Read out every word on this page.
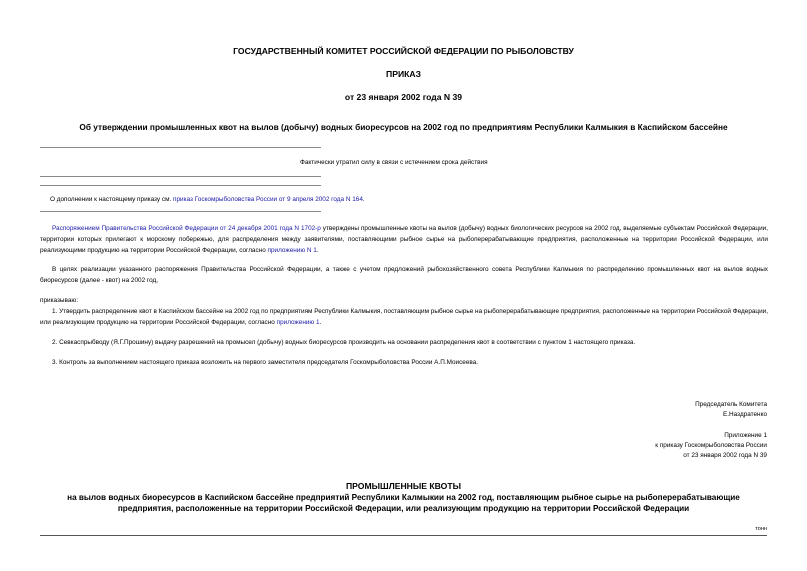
ГОСУДАРСТВЕННЫЙ КОМИТЕТ РОССИЙСКОЙ ФЕДЕРАЦИИ ПО РЫБОЛОВСТВУ
ПРИКАЗ
от 23 января 2002 года N 39
Об утверждении промышленных квот на вылов (добычу) водных биоресурсов на 2002 год по предприятиям Республики Калмыкия в Каспийском бассейне
Фактически утратил силу в связи с истечением срока действия
О дополнении к настоящему приказу см. приказ Госкомрыболовства России от 9 апреля 2002 года N 164.
Распоряжением Правительства Российской Федерации от 24 декабря 2001 года N 1702-р утверждены промышленные квоты на вылов (добычу) водных биологических ресурсов на 2002 год, выделяемые субъектам Российской Федерации, территории которых прилегают к морскому побережью, для распределения между заявителями, поставляющими рыбное сырье на рыбоперерабатывающие предприятия, расположенные на территории Российской Федерации, или реализующими продукцию на территории Российской Федерации, согласно приложению N 1.
В целях реализации указанного распоряжения Правительства Российской Федерации, а также с учетом предложений рыбохозяйственного совета Республики Калмыкия по распределению промышленных квот на вылов водных биоресурсов (далее - квот) на 2002 год,
приказываю:
1. Утвердить распределение квот в Каспийском бассейне на 2002 год по предприятиям Республики Калмыкия, поставляющим рыбное сырье на рыбоперерабатывающие предприятия, расположенные на территории Российской Федерации, или реализующим продукцию на территории Российской Федерации, согласно приложению 1.
2. Севкаспрыбводу (Я.Г.Прошину) выдачу разрешений на промысел (добычу) водных биоресурсов производить на основании распределения квот в соответствии с пунктом 1 настоящего приказа.
3. Контроль за выполнением настоящего приказа возложить на первого заместителя председателя Госкомрыболовства России А.П.Моисеева.
Председатель Комитета
Е.Наздратенко
Приложение 1
к приказу Госкомрыболовства России
от 23 января 2002 года N 39
ПРОМЫШЛЕННЫЕ КВОТЫ
на вылов водных биоресурсов в Каспийском бассейне предприятий Республики Калмыкии на 2002 год, поставляющим рыбное сырье на рыбоперерабатывающие предприятия, расположенные на территории Российской Федерации, или реализующим продукцию на территории Российской Федерации
тонн
